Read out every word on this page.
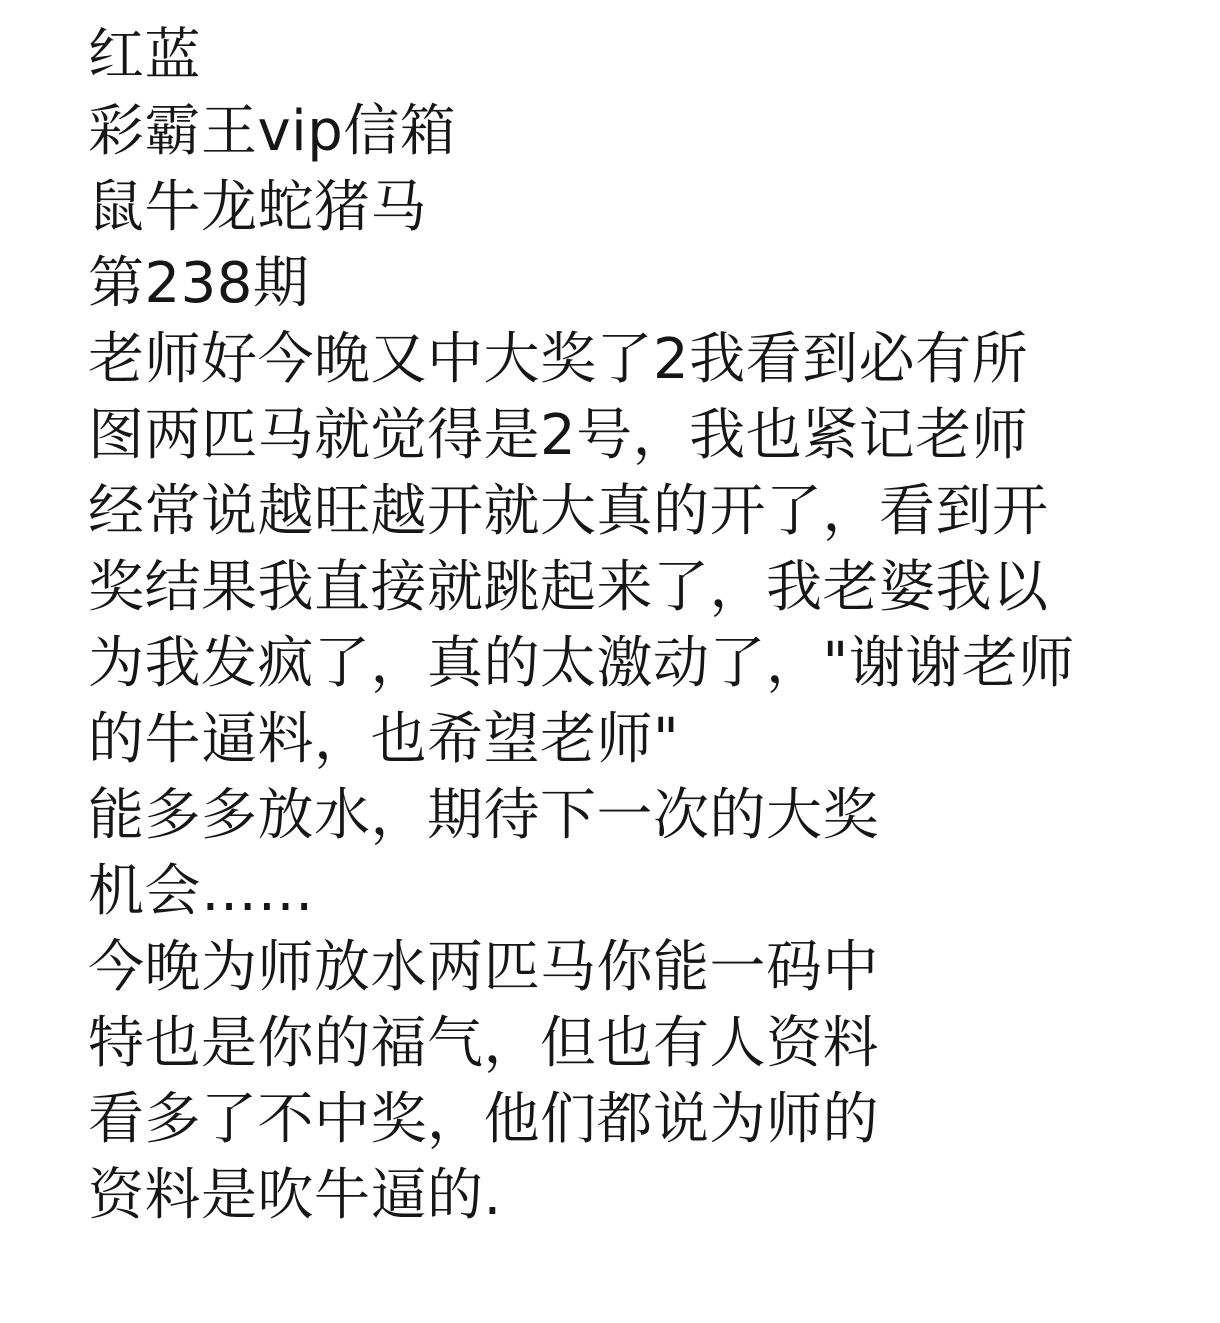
红蓝
彩霸王vip信箱
鼠牛龙蛇猪马
第238期
老师好今晚又中大奖了2我看到必有所
图两匹马就觉得是2号，我也紧记老师
经常说越旺越开就大真的开了，看到开
奖结果我直接就跳起来了，我老婆我以
为我发疯了，真的太激动了，"谢谢老师
的牛逼料，也希望老师"
能多多放水，期待下一次的大奖
机会……
今晚为师放水两匹马你能一码中
特也是你的福气，但也有人资料
看多了不中奖，他们都说为师的
资料是吹牛逼的.
